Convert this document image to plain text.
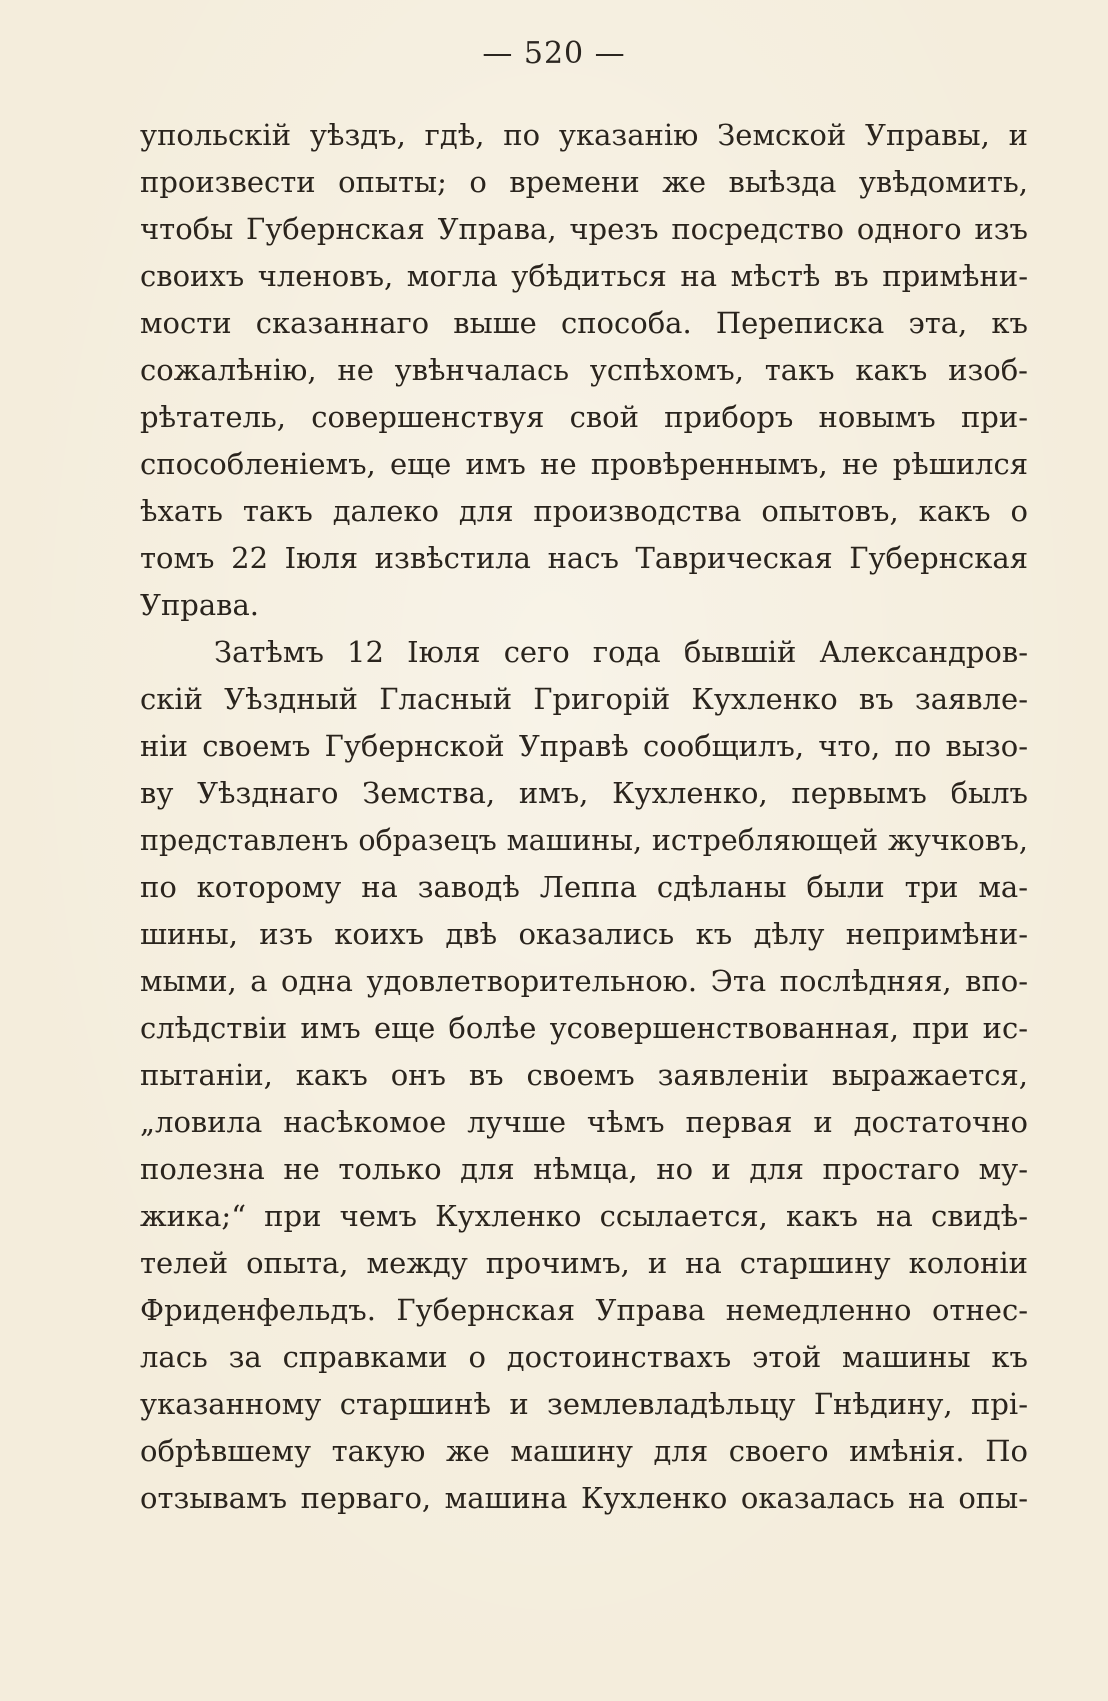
— 520 —
упольскій уѣздъ, гдѣ, по указанію Земской Управы, и
произвести опыты; о времени же выѣзда увѣдомить,
чтобы Губернская Управа, чрезъ посредство одного изъ
своихъ членовъ, могла убѣдиться на мѣстѣ въ примѣни-
мости сказаннаго выше способа. Переписка эта, къ
сожалѣнію, не увѣнчалась успѣхомъ, такъ какъ изоб-
рѣтатель, совершенствуя свой приборъ новымъ при-
способленіемъ, еще имъ не провѣреннымъ, не рѣшился
ѣхать такъ далеко для производства опытовъ, какъ о
томъ 22 Іюля извѣстила насъ Таврическая Губернская
Управа.
Затѣмъ 12 Іюля сего года бывшій Александров-
скій Уѣздный Гласный Григорій Кухленко въ заявле-
ніи своемъ Губернской Управѣ сообщилъ, что, по вызо-
ву Уѣзднаго Земства, имъ, Кухленко, первымъ былъ
представленъ образецъ машины, истребляющей жучковъ,
по которому на заводѣ Леппа сдѣланы были три ма-
шины, изъ коихъ двѣ оказались къ дѣлу непримѣни-
мыми, а одна удовлетворительною. Эта послѣдняя, впо-
слѣдствіи имъ еще болѣе усовершенствованная, при ис-
пытаніи, какъ онъ въ своемъ заявленіи выражается,
„ловила насѣкомое лучше чѣмъ первая и достаточно
полезна не только для нѣмца, но и для простаго му-
жика;“ при чемъ Кухленко ссылается, какъ на свидѣ-
телей опыта, между прочимъ, и на старшину колоніи
Фриденфельдъ. Губернская Управа немедленно отнес-
лась за справками о достоинствахъ этой машины къ
указанному старшинѣ и землевладѣльцу Гнѣдину, прі-
обрѣвшему такую же машину для своего имѣнія. По
отзывамъ перваго, машина Кухленко оказалась на опы-
